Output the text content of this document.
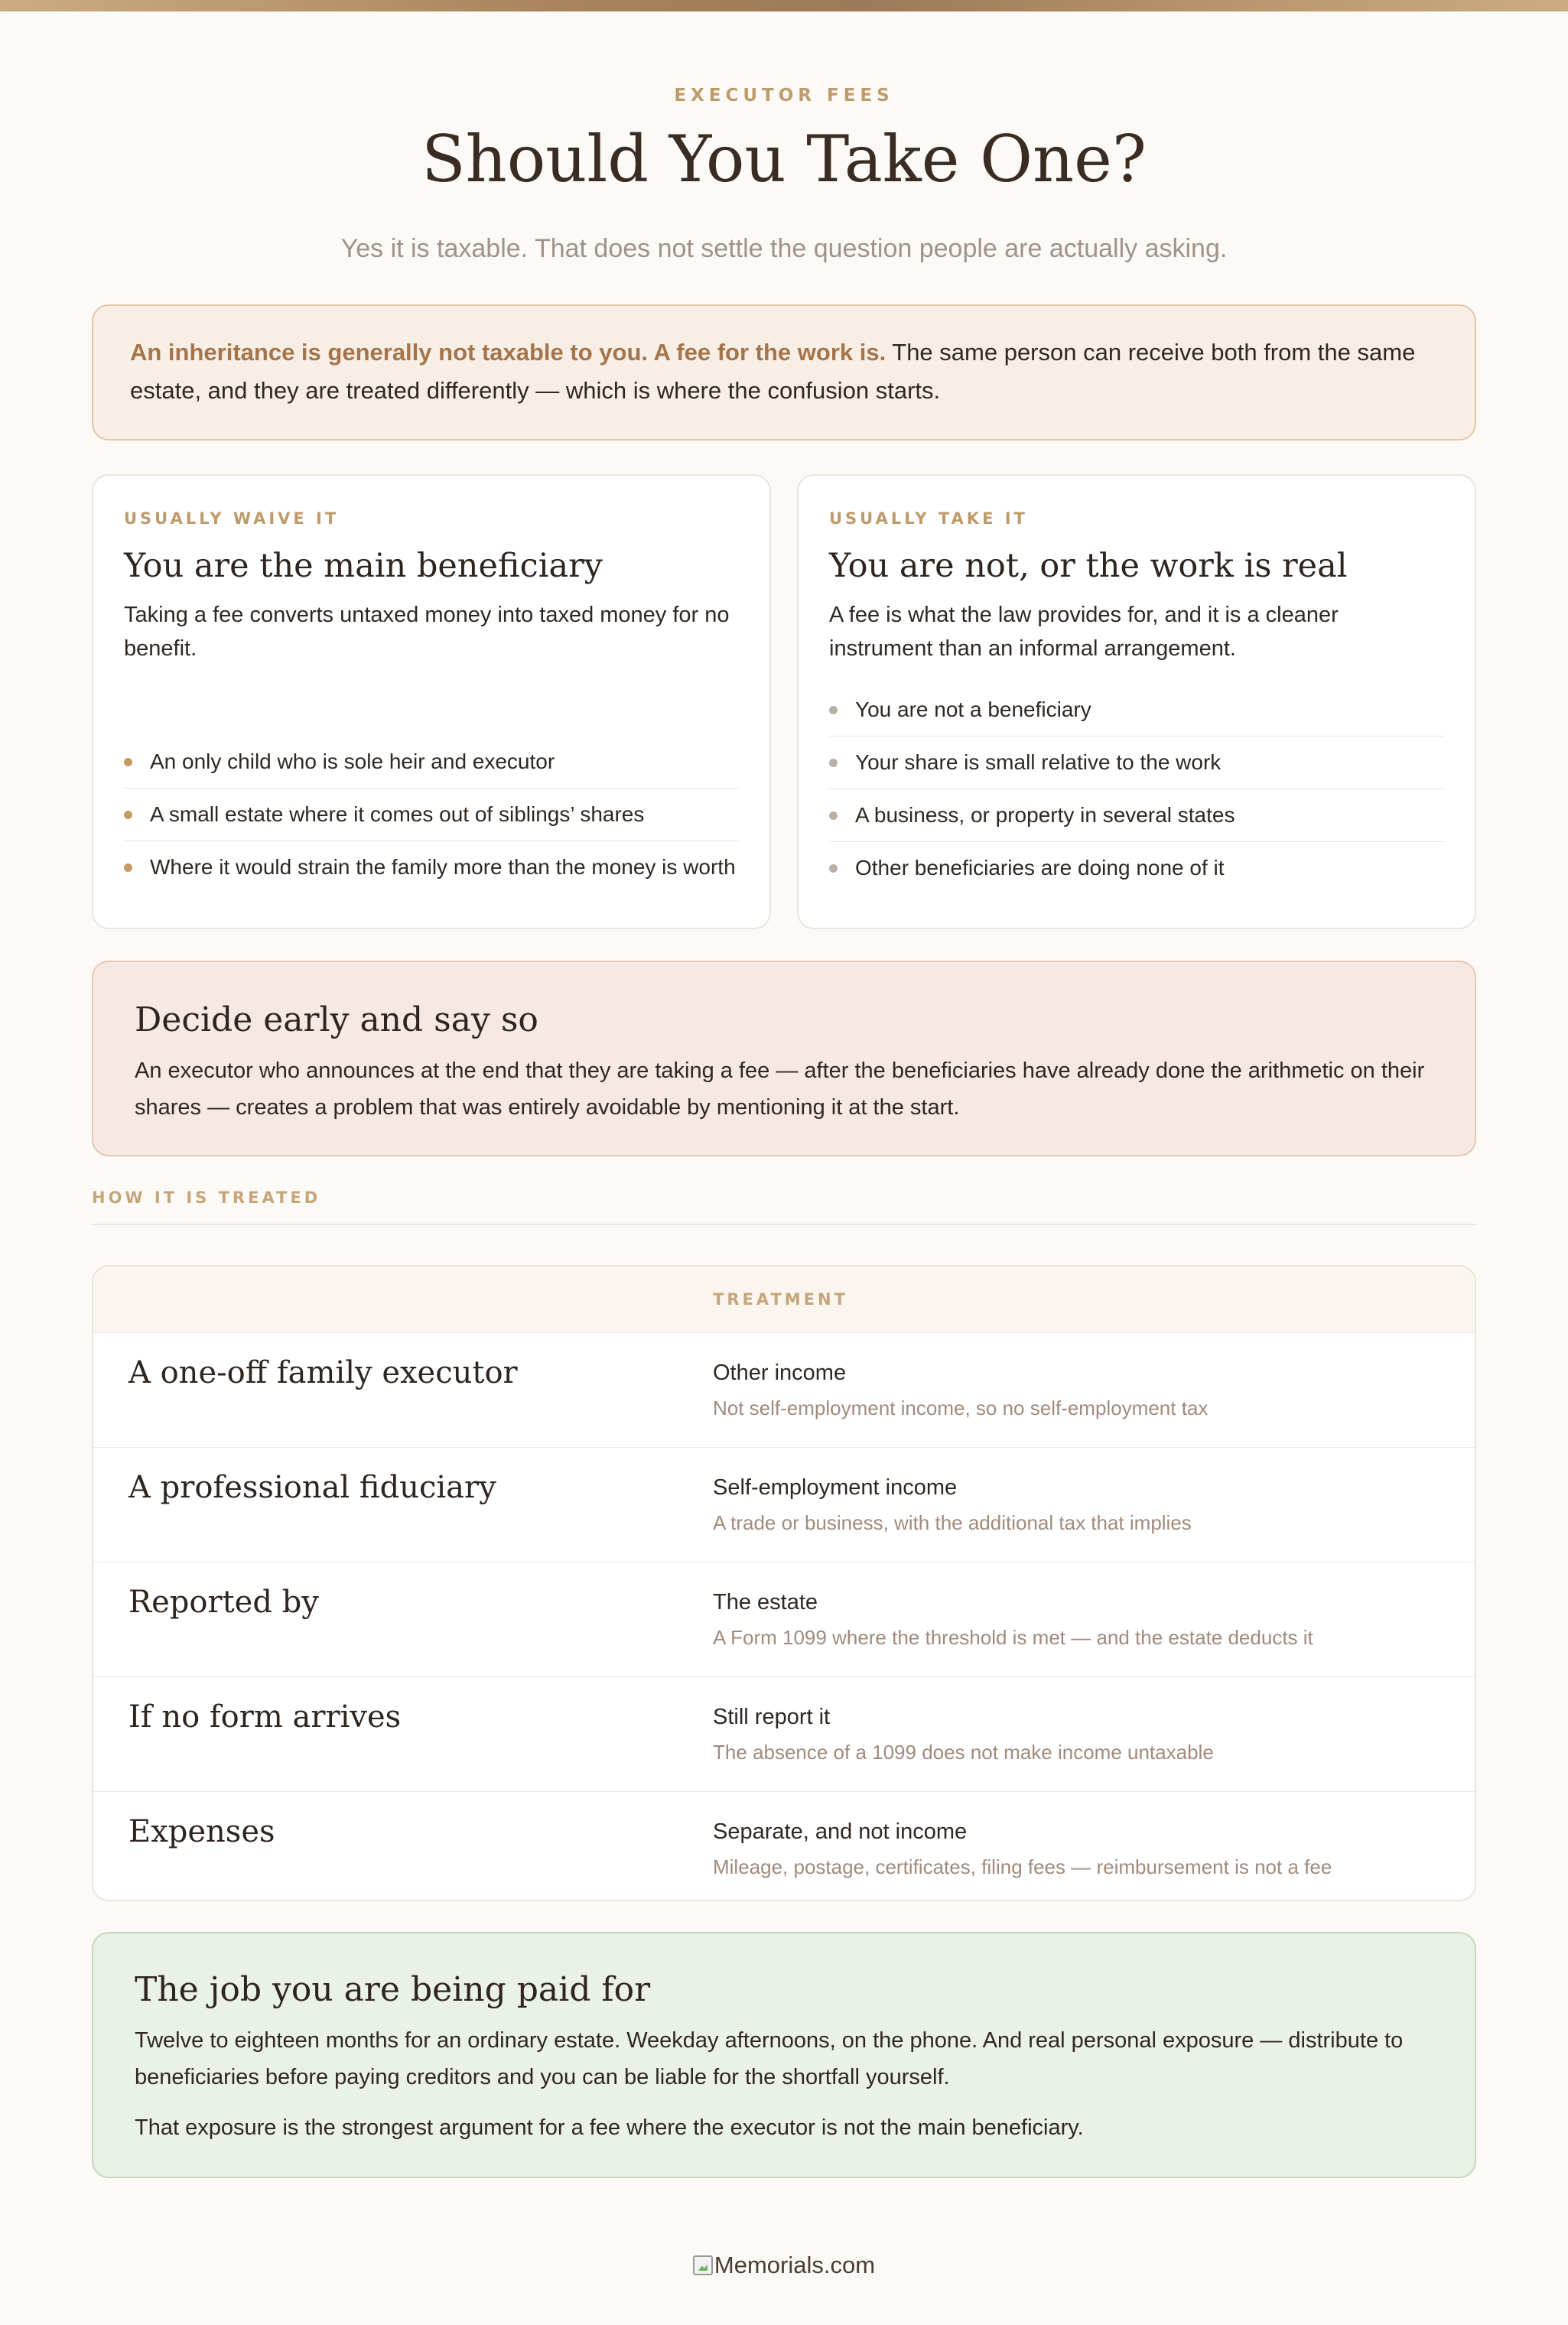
EXECUTOR FEES
Should You Take One?
Yes it is taxable. That does not settle the question people are actually asking.
An inheritance is generally not taxable to you. A fee for the work is. The same person can receive both from the same estate, and they are treated differently — which is where the confusion starts.
USUALLY WAIVE IT
You are the main beneficiary
Taking a fee converts untaxed money into taxed money for no benefit.
An only child who is sole heir and executor
A small estate where it comes out of siblings’ shares
Where it would strain the family more than the money is worth
USUALLY TAKE IT
You are not, or the work is real
A fee is what the law provides for, and it is a cleaner instrument than an informal arrangement.
You are not a beneficiary
Your share is small relative to the work
A business, or property in several states
Other beneficiaries are doing none of it
Decide early and say so

An executor who announces at the end that they are taking a fee — after the beneficiaries have already done the arithmetic on their shares — creates a problem that was entirely avoidable by mentioning it at the start.

HOW IT IS TREATED
TREATMENT
A one-off family executor	Other income
Not self-employment income, so no self-employment tax
A professional fiduciary	Self-employment income
A trade or business, with the additional tax that implies
Reported by	The estate
A Form 1099 where the threshold is met — and the estate deducts it
If no form arrives	Still report it
The absence of a 1099 does not make income untaxable
Expenses	Separate, and not income
Mileage, postage, certificates, filing fees — reimbursement is not a fee
The job you are being paid for

Twelve to eighteen months for an ordinary estate. Weekday afternoons, on the phone. And real personal exposure — distribute to beneficiaries before paying creditors and you can be liable for the shortfall yourself.

That exposure is the strongest argument for a fee where the executor is not the main beneficiary.

Memorials.com
